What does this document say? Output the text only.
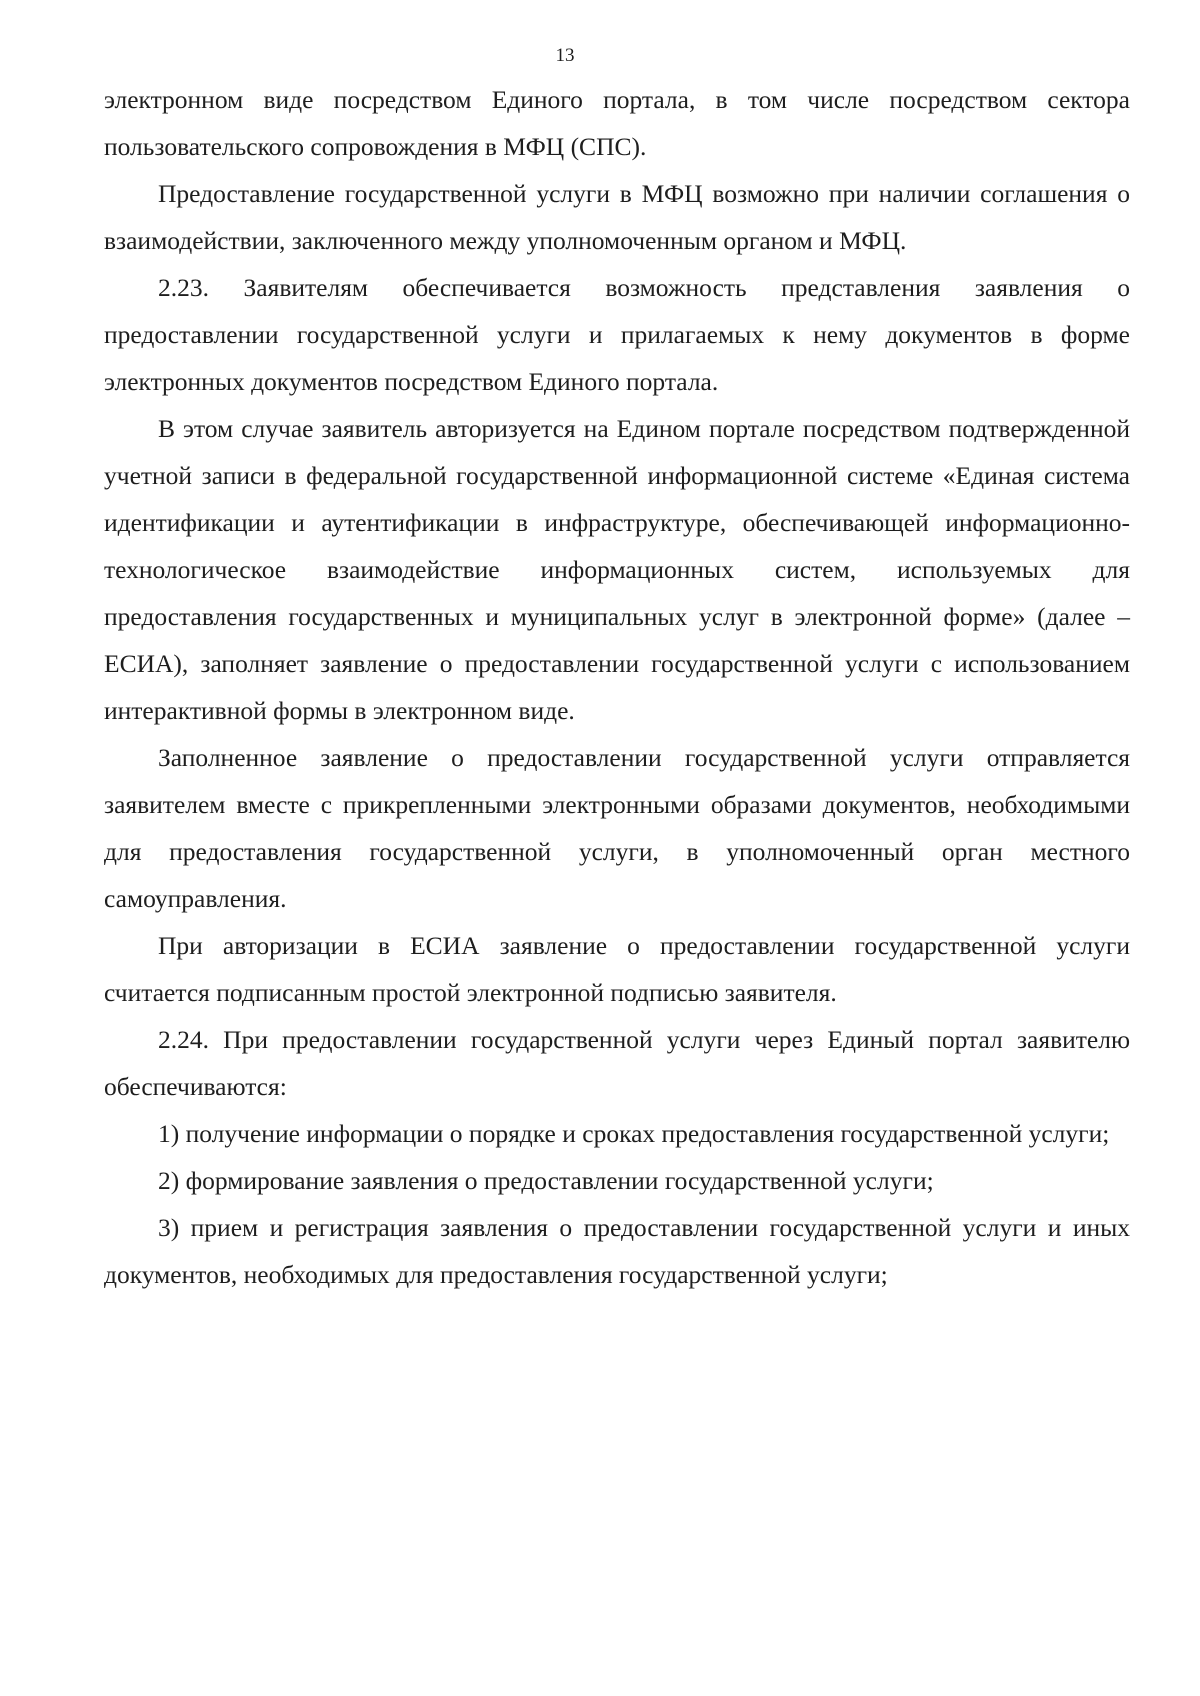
13

электронном виде посредством Единого портала, в том числе посредством сектора пользовательского сопровождения в МФЦ (СПС).

Предоставление государственной услуги в МФЦ возможно при наличии соглашения о взаимодействии, заключенного между уполномоченным органом и МФЦ.

2.23. Заявителям обеспечивается возможность представления заявления о предоставлении государственной услуги и прилагаемых к нему документов в форме электронных документов посредством Единого портала.

В этом случае заявитель авторизуется на Едином портале посредством подтвержденной учетной записи в федеральной государственной информационной системе «Единая система идентификации и аутентификации в инфраструктуре, обеспечивающей информационно-технологическое взаимодействие информационных систем, используемых для предоставления государственных и муниципальных услуг в электронной форме» (далее – ЕСИА), заполняет заявление о предоставлении государственной услуги с использованием интерактивной формы в электронном виде.

Заполненное заявление о предоставлении государственной услуги отправляется заявителем вместе с прикрепленными электронными образами документов, необходимыми для предоставления государственной услуги, в уполномоченный орган местного самоуправления.

При авторизации в ЕСИА заявление о предоставлении государственной услуги считается подписанным простой электронной подписью заявителя.

2.24. При предоставлении государственной услуги через Единый портал заявителю обеспечиваются:

1) получение информации о порядке и сроках предоставления государственной услуги;

2) формирование заявления о предоставлении государственной услуги;

3) прием и регистрация заявления о предоставлении государственной услуги и иных документов, необходимых для предоставления государственной услуги;
